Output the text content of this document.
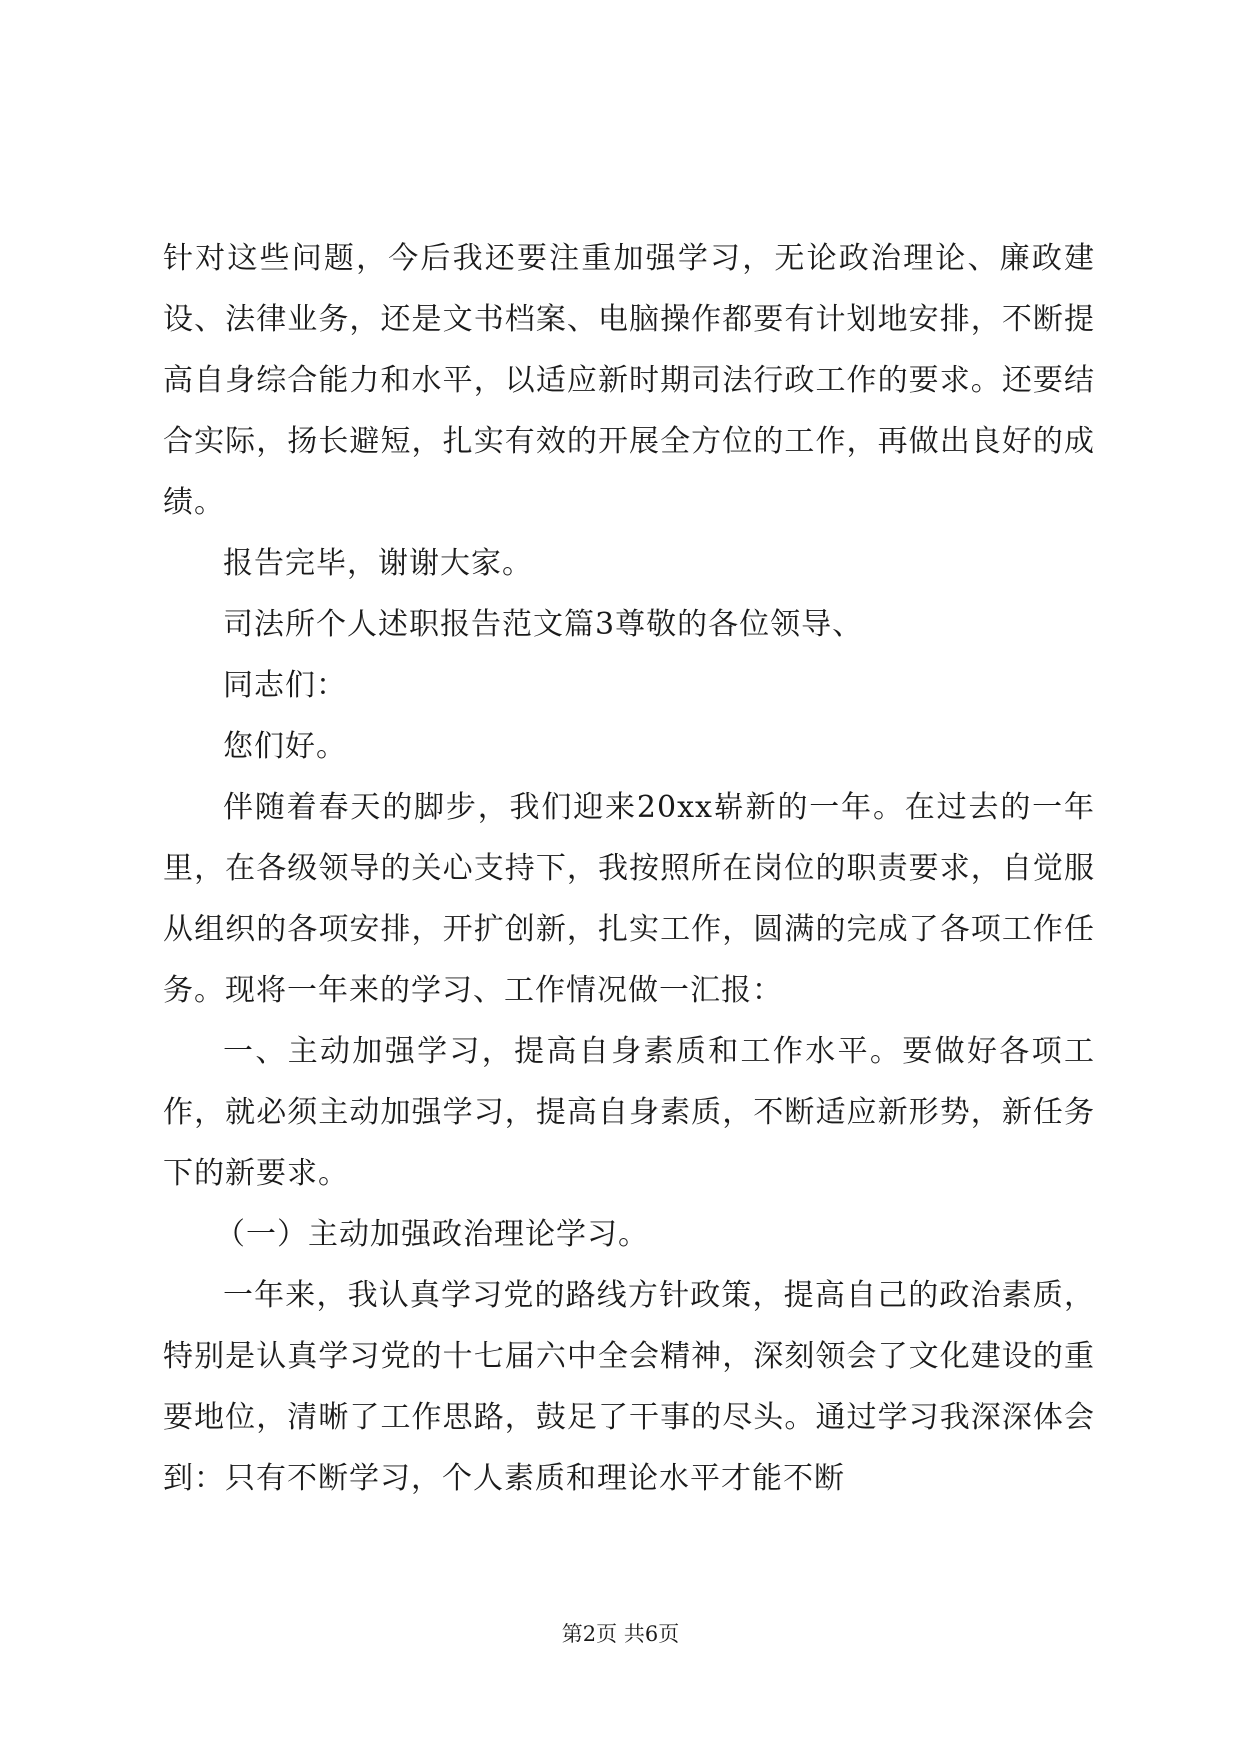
针对这些问题，今后我还要注重加强学习，无论政治理论、廉政建设、法律业务，还是文书档案、电脑操作都要有计划地安排，不断提高自身综合能力和水平，以适应新时期司法行政工作的要求。还要结合实际，扬长避短，扎实有效的开展全方位的工作，再做出良好的成绩。

报告完毕，谢谢大家。

司法所个人述职报告范文篇3尊敬的各位领导、

同志们：

您们好。

伴随着春天的脚步，我们迎来20xx崭新的一年。在过去的一年里，在各级领导的关心支持下，我按照所在岗位的职责要求，自觉服从组织的各项安排，开扩创新，扎实工作，圆满的完成了各项工作任务。现将一年来的学习、工作情况做一汇报：

一、主动加强学习，提高自身素质和工作水平。要做好各项工作，就必须主动加强学习，提高自身素质，不断适应新形势，新任务下的新要求。

（一）主动加强政治理论学习。

一年来，我认真学习党的路线方针政策，提高自己的政治素质，特别是认真学习党的十七届六中全会精神，深刻领会了文化建设的重要地位，清晰了工作思路，鼓足了干事的尽头。通过学习我深深体会到：只有不断学习，个人素质和理论水平才能不断

第2页 共6页
